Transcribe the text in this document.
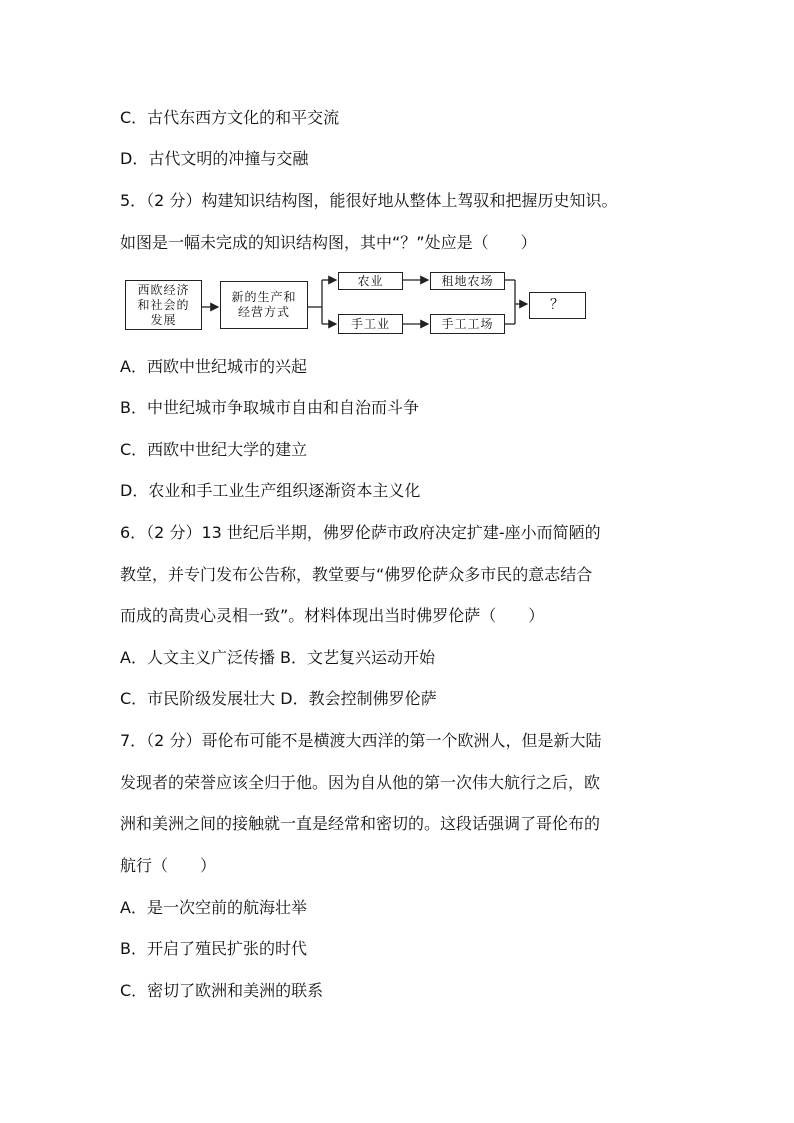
C．古代东西方文化的和平交流
D．古代文明的冲撞与交融
5．（2 分）构建知识结构图，能很好地从整体上驾驭和把握历史知识。
如图是一幅未完成的知识结构图，其中“？”处应是（　　）
西欧经济
和社会的
发展
新的生产和
经营方式
农业
手工业
租地农场
手工工场
？
A．西欧中世纪城市的兴起
B．中世纪城市争取城市自由和自治而斗争
C．西欧中世纪大学的建立
D．农业和手工业生产组织逐渐资本主义化
6．（2 分）13 世纪后半期，佛罗伦萨市政府决定扩建-座小而简陋的
教堂，并专门发布公告称，教堂要与“佛罗伦萨众多市民的意志结合
而成的高贵心灵相一致”。材料体现出当时佛罗伦萨（　　）
A．人文主义广泛传播 B．文艺复兴运动开始
C．市民阶级发展壮大 D．教会控制佛罗伦萨
7．（2 分）哥伦布可能不是横渡大西洋的第一个欧洲人，但是新大陆
发现者的荣誉应该全归于他。因为自从他的第一次伟大航行之后，欧
洲和美洲之间的接触就一直是经常和密切的。这段话强调了哥伦布的
航行（　　）
A．是一次空前的航海壮举
B．开启了殖民扩张的时代
C．密切了欧洲和美洲的联系
